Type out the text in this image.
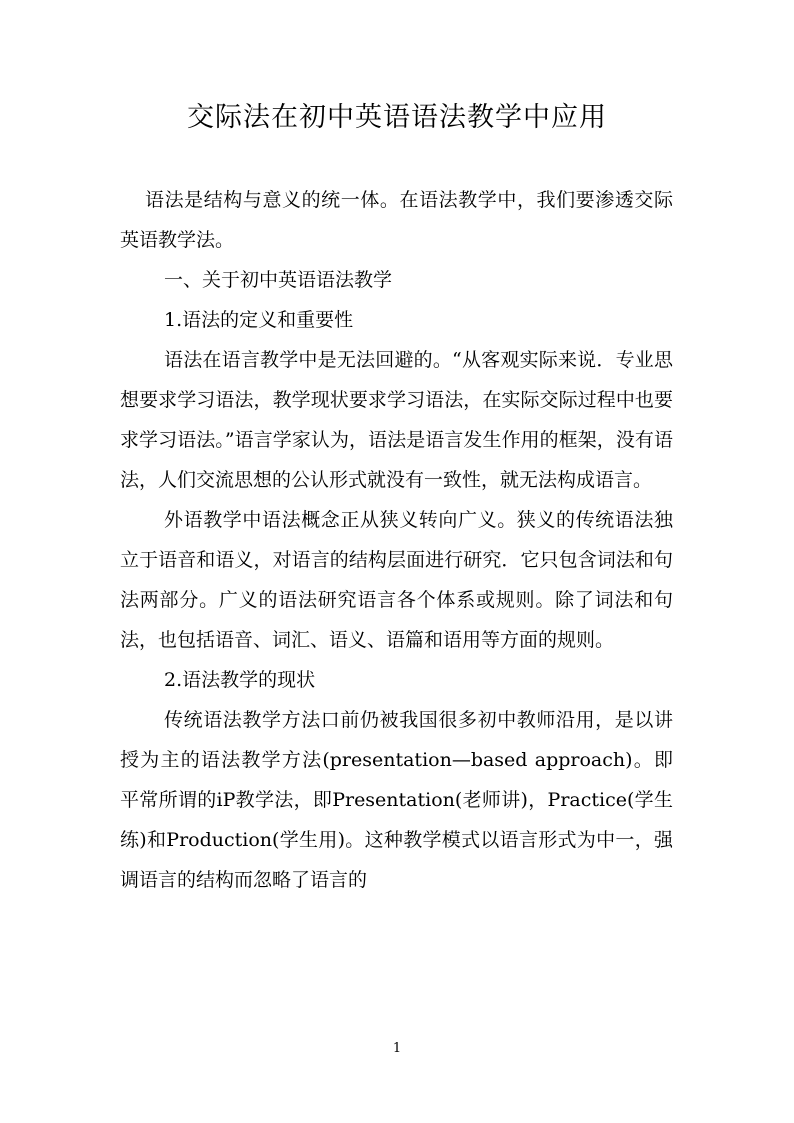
交际法在初中英语语法教学中应用

语法是结构与意义的统一体。在语法教学中，我们要渗透交际英语教学法。

一、关于初中英语语法教学

1.语法的定义和重要性

语法在语言教学中是无法回避的。“从客观实际来说．专业思想要求学习语法，教学现状要求学习语法，在实际交际过程中也要求学习语法。”语言学家认为，语法是语言发生作用的框架，没有语法，人们交流思想的公认形式就没有一致性，就无法构成语言。

外语教学中语法概念正从狭义转向广义。狭义的传统语法独立于语音和语义，对语言的结构层面进行研究．它只包含词法和句法两部分。广义的语法研究语言各个体系或规则。除了词法和句法，也包括语音、词汇、语义、语篇和语用等方面的规则。

2.语法教学的现状

传统语法教学方法口前仍被我国很多初中教师沿用，是以讲授为主的语法教学方法(presentation—based approach)。即平常所谓的iP教学法，即Presentation(老师讲)，Practice(学生练)和Production(学生用)。这种教学模式以语言形式为中一，强调语言的结构而忽略了语言的

1
